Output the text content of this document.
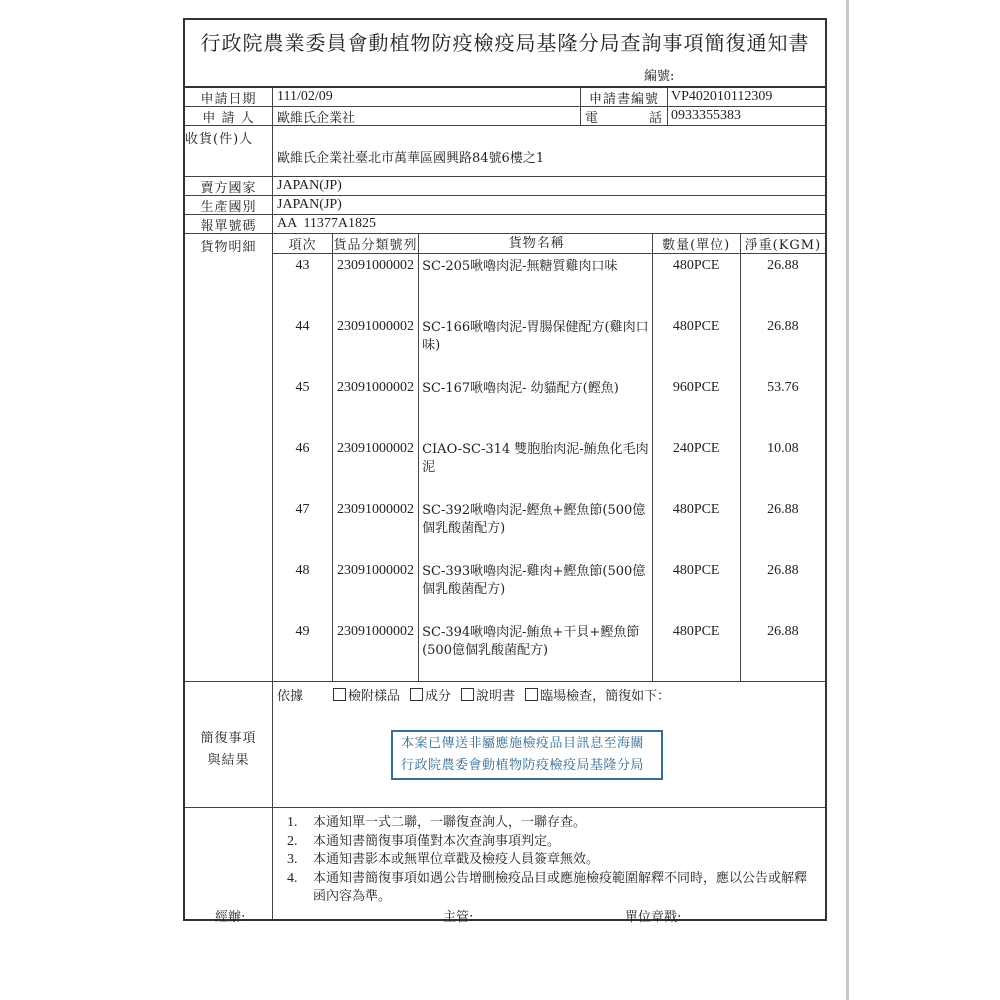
行政院農業委員會動植物防疫檢疫局基隆分局查詢事項簡復通知書
編號:
申請日期	111/02/09	申請書編號 VP402010112309
申 請 人	歐維氏企業社	電	話 0933355383
收貨(件)人
歐維氏企業社臺北市萬華區國興路84號6樓之1
賣方國家	JAPAN(JP)
生產國別	JAPAN(JP)
報單號碼	AA  11377A1825
貨物明細	項次	貨品分類號列	貨物名稱	數量(單位)	淨重(KGM)
43	23091000002	SC-205啾嚕肉泥-無糖質雞肉口味	480PCE	26.88
44	23091000002	SC-166啾嚕肉泥-胃腸保健配方(雞肉口味)	480PCE	26.88
45	23091000002	SC-167啾嚕肉泥- 幼貓配方(鰹魚)	960PCE	53.76
46	23091000002	CIAO-SC-314 雙胞胎肉泥-鮪魚化毛肉泥	240PCE	10.08
47	23091000002	SC-392啾嚕肉泥-鰹魚+鰹魚節(500億個乳酸菌配方)	480PCE	26.88
48	23091000002	SC-393啾嚕肉泥-雞肉+鰹魚節(500億個乳酸菌配方)	480PCE	26.88
49	23091000002	SC-394啾嚕肉泥-鮪魚+干貝+鰹魚節(500億個乳酸菌配方)	480PCE	26.88
簡復事項
與結果
依據	檢附樣品 成分 說明書 臨場檢查，簡復如下：
本案已傳送非屬應施檢疫品目訊息至海關
行政院農委會動植物防疫檢疫局基隆分局
1.	本通知單一式二聯，一聯復查詢人，一聯存查。
2.	本通知書簡復事項僅對本次查詢事項判定。
3.	本通知書影本或無單位章戳及檢疫人員簽章無效。
4.	本通知書簡復事項如遇公告增刪檢疫品目或應施檢疫範圍解釋不同時，應以公告或解釋函內容為準。
經辦:	主管:	單位章戳:
